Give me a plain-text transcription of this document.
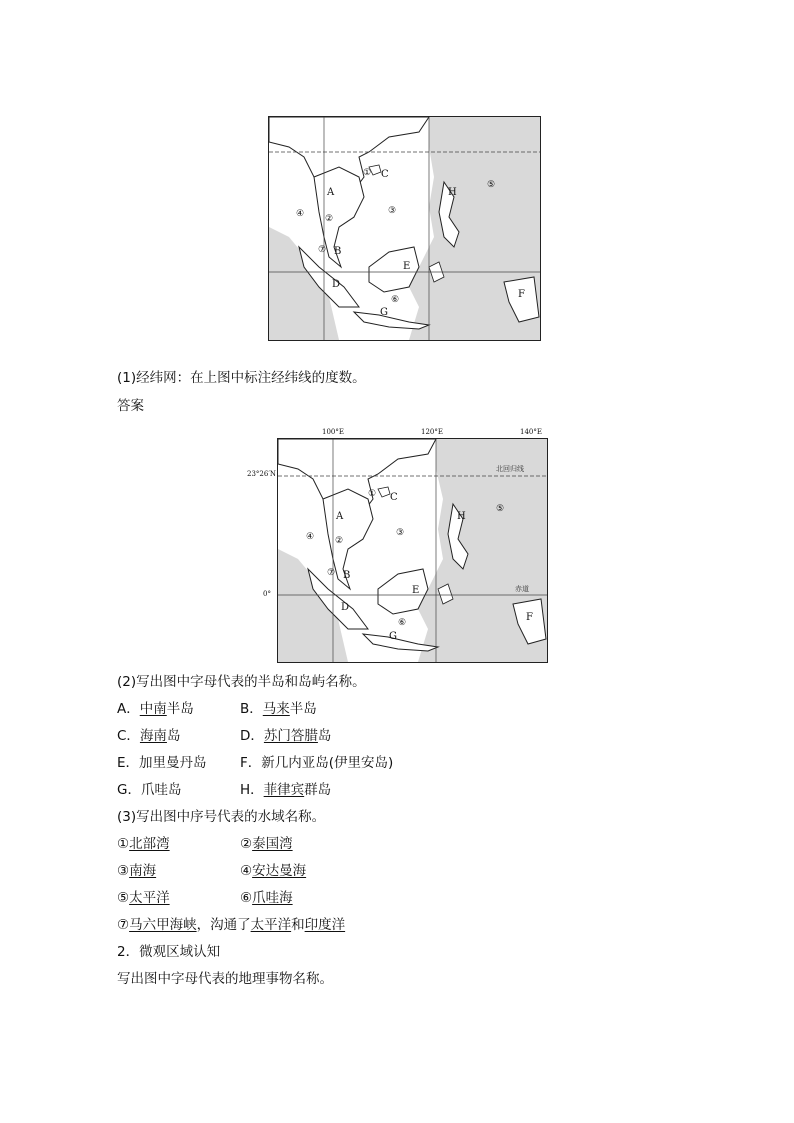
A
B
C
D
E
F
G
H
①
②
③
④
⑤
⑥
⑦
(1)经纬网：在上图中标注经纬线的度数。
答案
北回归线
赤道
A
B
C
D
E
F
G
H
①
②
③
④
⑤
⑥
⑦
100°E	120°E	140°E
23°26′N
0°
(2)写出图中字母代表的半岛和岛屿名称。
A．中南半岛	B．马来半岛
C．海南岛	D．苏门答腊岛
E．加里曼丹岛 F．新几内亚岛(伊里安岛)
G．爪哇岛	H．菲律宾群岛
(3)写出图中序号代表的水域名称。
①北部湾	②泰国湾
③南海	④安达曼海
⑤太平洋	⑥爪哇海
⑦马六甲海峡，沟通了太平洋和印度洋
2．微观区域认知
写出图中字母代表的地理事物名称。
